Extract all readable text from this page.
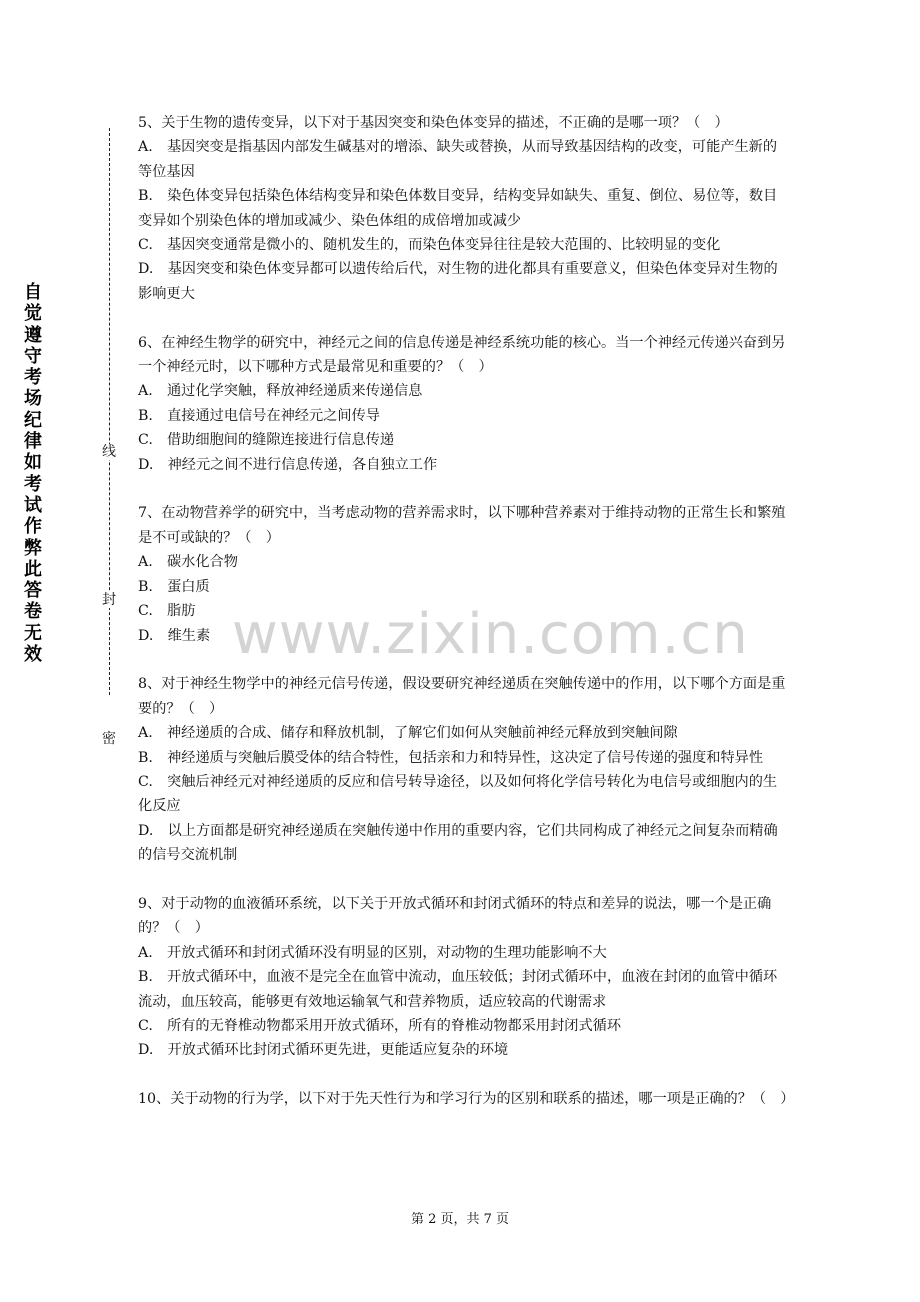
自
觉
遵
守
考
场
纪
律
如
考
试
作
弊
此
答
卷
无
效
线
封
密

5、关于生物的遗传变异，以下对于基因突变和染色体变异的描述，不正确的是哪一项？（　）

A.　基因突变是指基因内部发生碱基对的增添、缺失或替换，从而导致基因结构的改变，可能产生新的等位基因

B.　染色体变异包括染色体结构变异和染色体数目变异，结构变异如缺失、重复、倒位、易位等，数目变异如个别染色体的增加或减少、染色体组的成倍增加或减少

C.　基因突变通常是微小的、随机发生的，而染色体变异往往是较大范围的、比较明显的变化

D.　基因突变和染色体变异都可以遗传给后代，对生物的进化都具有重要意义，但染色体变异对生物的影响更大

6、在神经生物学的研究中，神经元之间的信息传递是神经系统功能的核心。当一个神经元传递兴奋到另一个神经元时，以下哪种方式是最常见和重要的？（　）

A.　通过化学突触，释放神经递质来传递信息

B.　直接通过电信号在神经元之间传导

C.　借助细胞间的缝隙连接进行信息传递

D.　神经元之间不进行信息传递，各自独立工作

7、在动物营养学的研究中，当考虑动物的营养需求时，以下哪种营养素对于维持动物的正常生长和繁殖是不可或缺的？（　）

A.　碳水化合物

B.　蛋白质

C.　脂肪

D.　维生素

8、对于神经生物学中的神经元信号传递，假设要研究神经递质在突触传递中的作用，以下哪个方面是重要的？（　）

A.　神经递质的合成、储存和释放机制，了解它们如何从突触前神经元释放到突触间隙

B.　神经递质与突触后膜受体的结合特性，包括亲和力和特异性，这决定了信号传递的强度和特异性

C.　突触后神经元对神经递质的反应和信号转导途径，以及如何将化学信号转化为电信号或细胞内的生化反应

D.　以上方面都是研究神经递质在突触传递中作用的重要内容，它们共同构成了神经元之间复杂而精确的信号交流机制

9、对于动物的血液循环系统，以下关于开放式循环和封闭式循环的特点和差异的说法，哪一个是正确的？（　）

A.　开放式循环和封闭式循环没有明显的区别，对动物的生理功能影响不大

B.　开放式循环中，血液不是完全在血管中流动，血压较低；封闭式循环中，血液在封闭的血管中循环流动，血压较高，能够更有效地运输氧气和营养物质，适应较高的代谢需求

C.　所有的无脊椎动物都采用开放式循环，所有的脊椎动物都采用封闭式循环

D.　开放式循环比封闭式循环更先进，更能适应复杂的环境

10、关于动物的行为学，以下对于先天性行为和学习行为的区别和联系的描述，哪一项是正确的？（　）

www.zixin.com.cn
第 2 页，共 7 页
